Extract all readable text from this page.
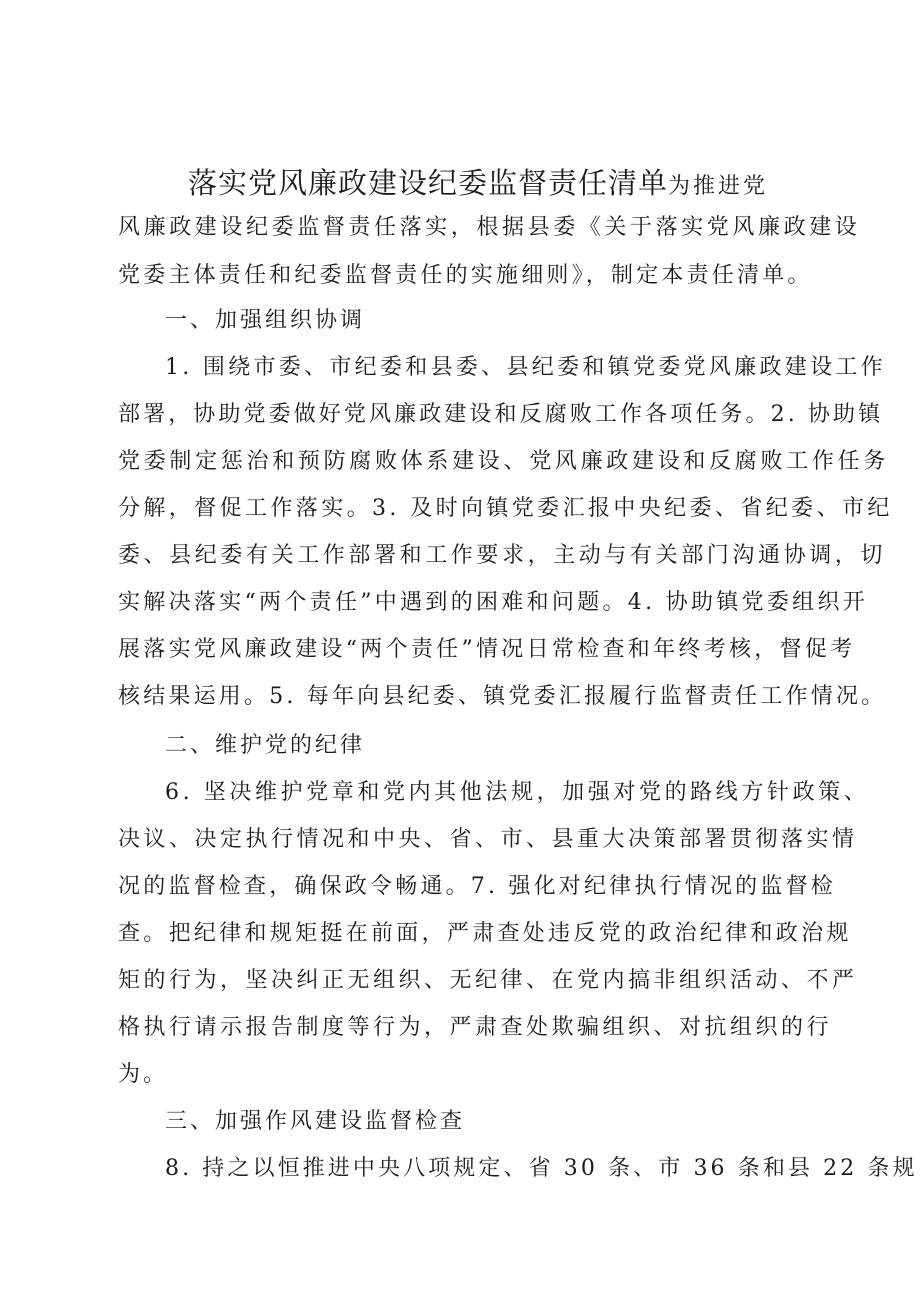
落实党风廉政建设纪委监督责任清单为推进党
风廉政建设纪委监督责任落实，根据县委《关于落实党风廉政建设
党委主体责任和纪委监督责任的实施细则》，制定本责任清单。
一、加强组织协调
1. 围绕市委、市纪委和县委、县纪委和镇党委党风廉政建设工作
部署，协助党委做好党风廉政建设和反腐败工作各项任务。2. 协助镇
党委制定惩治和预防腐败体系建设、党风廉政建设和反腐败工作任务
分解，督促工作落实。3. 及时向镇党委汇报中央纪委、省纪委、市纪
委、县纪委有关工作部署和工作要求，主动与有关部门沟通协调，切
实解决落实“两个责任”中遇到的困难和问题。4. 协助镇党委组织开
展落实党风廉政建设“两个责任”情况日常检查和年终考核，督促考
核结果运用。5. 每年向县纪委、镇党委汇报履行监督责任工作情况。
二、维护党的纪律
6. 坚决维护党章和党内其他法规，加强对党的路线方针政策、
决议、决定执行情况和中央、省、市、县重大决策部署贯彻落实情
况的监督检查，确保政令畅通。7. 强化对纪律执行情况的监督检
查。把纪律和规矩挺在前面，严肃查处违反党的政治纪律和政治规
矩的行为，坚决纠正无组织、无纪律、在党内搞非组织活动、不严
格执行请示报告制度等行为，严肃查处欺骗组织、对抗组织的行
为。
三、加强作风建设监督检查
8. 持之以恒推进中央八项规定、省 30 条、市 36 条和县 22 条规
